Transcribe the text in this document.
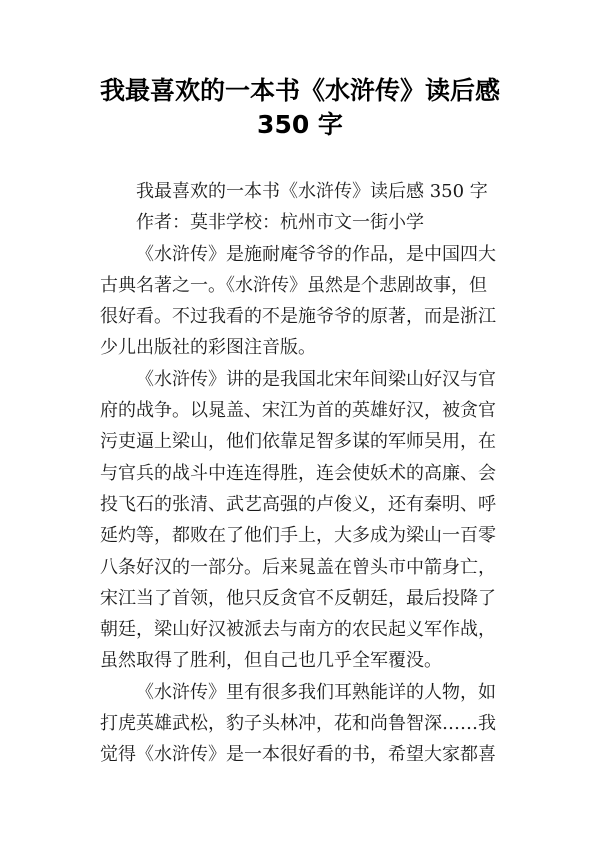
我最喜欢的一本书《水浒传》读后感
350 字
我最喜欢的一本书《水浒传》读后感 350 字
作者：莫非学校：杭州市文一街小学
《水浒传》是施耐庵爷爷的作品，是中国四大
古典名著之一。《水浒传》虽然是个悲剧故事，但
很好看。不过我看的不是施爷爷的原著，而是浙江
少儿出版社的彩图注音版。
《水浒传》讲的是我国北宋年间梁山好汉与官
府的战争。以晁盖、宋江为首的英雄好汉，被贪官
污吏逼上梁山，他们依靠足智多谋的军师吴用，在
与官兵的战斗中连连得胜，连会使妖术的高廉、会
投飞石的张清、武艺高强的卢俊义，还有秦明、呼
延灼等，都败在了他们手上，大多成为梁山一百零
八条好汉的一部分。后来晁盖在曾头市中箭身亡，
宋江当了首领，他只反贪官不反朝廷，最后投降了
朝廷，梁山好汉被派去与南方的农民起义军作战，
虽然取得了胜利，但自己也几乎全军覆没。
《水浒传》里有很多我们耳熟能详的人物，如
打虎英雄武松，豹子头林冲，花和尚鲁智深……我
觉得《水浒传》是一本很好看的书，希望大家都喜
